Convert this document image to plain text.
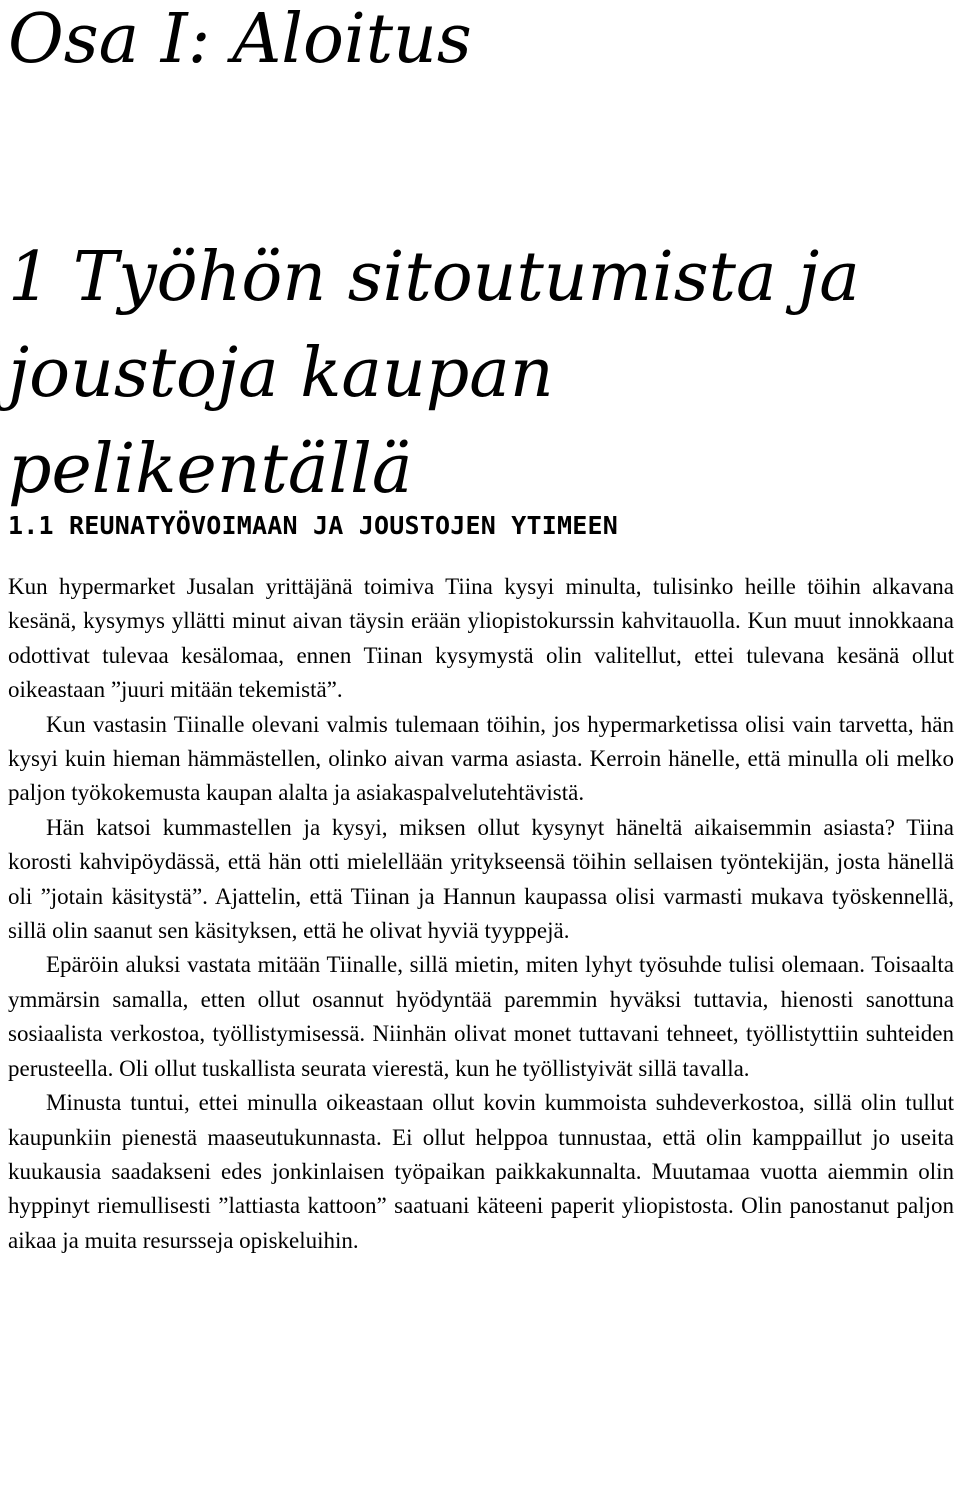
Osa I: Aloitus
1 Työhön sitoutumista ja
joustoja kaupan pelikentällä
1.1 REUNATYÖVOIMAAN JA JOUSTOJEN YTIMEEN

Kun hypermarket Jusalan yrittäjänä toimiva Tiina kysyi minulta, tulisinko heille töihin alkavana kesänä, kysymys yllätti minut aivan täysin erään yliopistokurssin kahvitauolla. Kun muut innokkaana odottivat tulevaa kesälomaa, ennen Tiinan kysymystä olin valitellut, ettei tulevana kesänä ollut oikeastaan ”juuri mitään tekemistä”.

Kun vastasin Tiinalle olevani valmis tulemaan töihin, jos hypermarketissa olisi vain tarvetta, hän kysyi kuin hieman hämmästellen, olinko aivan varma asiasta. Kerroin hänelle, että minulla oli melko paljon työkokemusta kaupan alalta ja asiakaspalvelutehtävistä.

Hän katsoi kummastellen ja kysyi, miksen ollut kysynyt häneltä aikaisemmin asiasta? Tiina korosti kahvipöydässä, että hän otti mielellään yritykseensä töihin sellaisen työntekijän, josta hänellä oli ”jotain käsitystä”. Ajattelin, että Tiinan ja Hannun kaupassa olisi varmasti mukava työskennellä, sillä olin saanut sen käsityksen, että he olivat hyviä tyyppejä.

Epäröin aluksi vastata mitään Tiinalle, sillä mietin, miten lyhyt työsuhde tulisi olemaan. Toisaalta ymmärsin samalla, etten ollut osannut hyödyntää paremmin hyväksi tuttavia, hienosti sanottuna sosiaalista verkostoa, työllistymisessä. Niinhän olivat monet tuttavani tehneet, työllistyttiin suhteiden perusteella. Oli ollut tuskallista seurata vierestä, kun he työllistyivät sillä tavalla.

Minusta tuntui, ettei minulla oikeastaan ollut kovin kummoista suhdeverkostoa, sillä olin tullut kaupunkiin pienestä maaseutukunnasta. Ei ollut helppoa tunnustaa, että olin kamppaillut jo useita kuukausia saadakseni edes jonkinlaisen työpaikan paikkakunnalta. Muutamaa vuotta aiemmin olin hyppinyt riemullisesti ”lattiasta kattoon” saatuani käteeni paperit yliopistosta. Olin panostanut paljon aikaa ja muita resursseja opiskeluihin.
